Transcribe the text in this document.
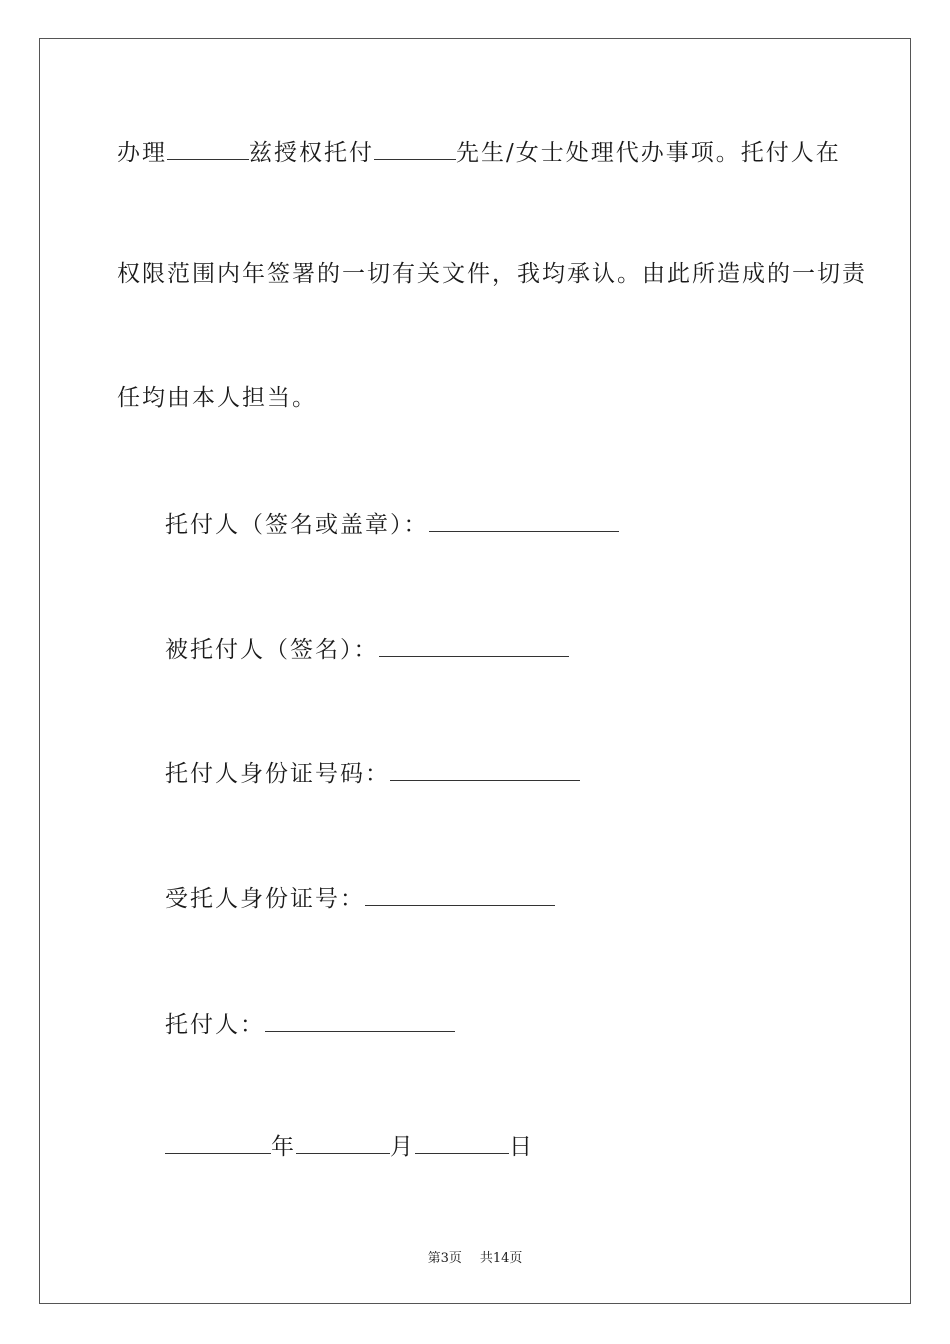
办理	兹授权托付	先生/女士处理代办事项。托付人在
权限范围内年签署的一切有关文件，我均承认。由此所造成的一切责
任均由本人担当。
托付人（签名或盖章）：
被托付人（签名）：
托付人身份证号码：
受托人身份证号：
托付人：
年	月	日
第3页 共14页
